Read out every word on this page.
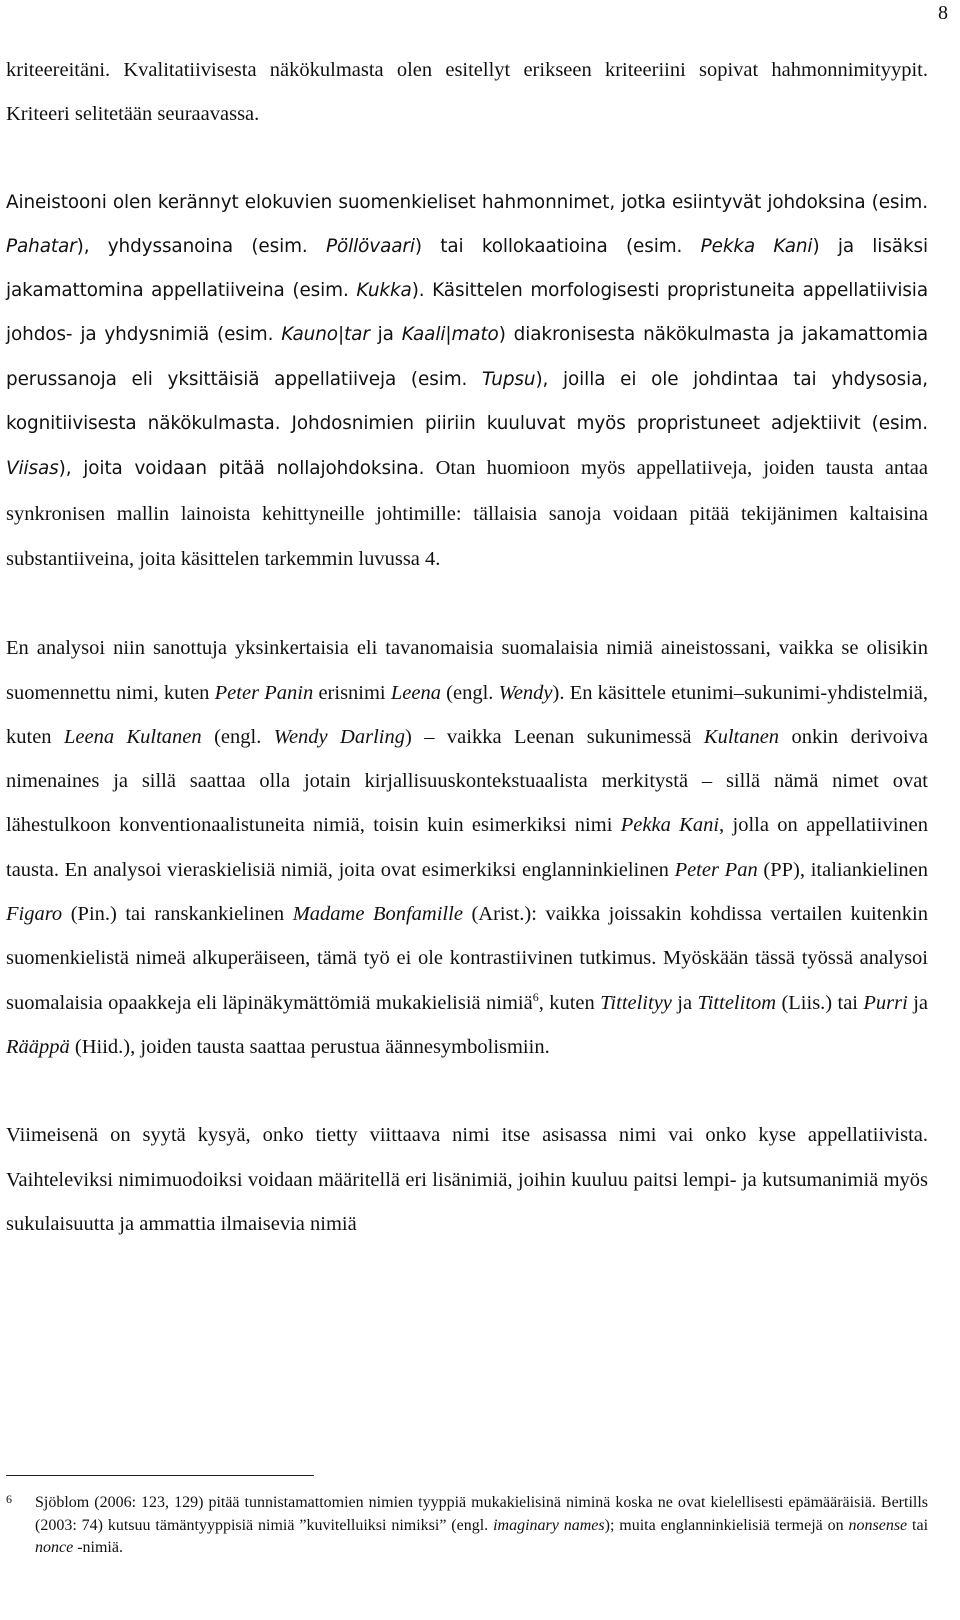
8

kriteereitäni. Kvalitatiivisesta näkökulmasta olen esitellyt erikseen kriteeriini sopivat hahmonnimityypit. Kriteeri selitetään seuraavassa.

Aineistooni olen kerännyt elokuvien suomenkieliset hahmonnimet, jotka esiintyvät johdoksina (esim. Pahatar), yhdyssanoina (esim. Pöllövaari) tai kollokaatioina (esim. Pekka Kani) ja lisäksi jakamattomina appellatiiveina (esim. Kukka). Käsittelen morfologisesti propristuneita appellatiivisia johdos- ja yhdysnimiä (esim. Kauno|tar ja Kaali|mato) diakronisesta näkökulmasta ja jakamattomia perussanoja eli yksittäisiä appellatiiveja (esim. Tupsu), joilla ei ole johdintaa tai yhdysosia, kognitiivisesta näkökulmasta. Johdosnimien piiriin kuuluvat myös propristuneet adjektiivit (esim. Viisas), joita voidaan pitää nollajohdoksina. Otan huomioon myös appellatiiveja, joiden tausta antaa synkronisen mallin lainoista kehittyneille johtimille: tällaisia sanoja voidaan pitää tekijänimen kaltaisina substantiiveina, joita käsittelen tarkemmin luvussa 4.

En analysoi niin sanottuja yksinkertaisia eli tavanomaisia suomalaisia nimiä aineistossani, vaikka se olisikin suomennettu nimi, kuten Peter Panin erisnimi Leena (engl. Wendy). En käsittele etunimi–sukunimi-yhdistelmiä, kuten Leena Kultanen (engl. Wendy Darling) – vaikka Leenan sukunimessä Kultanen onkin derivoiva nimenaines ja sillä saattaa olla jotain kirjallisuuskontekstuaalista merkitystä – sillä nämä nimet ovat lähestulkoon konventionaalistuneita nimiä, toisin kuin esimerkiksi nimi Pekka Kani, jolla on appellatiivinen tausta. En analysoi vieraskielisiä nimiä, joita ovat esimerkiksi englanninkielinen Peter Pan (PP), italiankielinen Figaro (Pin.) tai ranskankielinen Madame Bonfamille (Arist.): vaikka joissakin kohdissa vertailen kuitenkin suomenkielistä nimeä alkuperäiseen, tämä työ ei ole kontrastiivinen tutkimus. Myöskään tässä työssä analysoi suomalaisia opaakkeja eli läpinäkymättömiä mukakielisiä nimiä$^6$, kuten Tittelityy ja Tittelitom (Liis.) tai Purri ja Rääppä (Hiid.), joiden tausta saattaa perustua äännesymbolismiin.

Viimeisenä on syytä kysyä, onko tietty viittaava nimi itse asisassa nimi vai onko kyse appellatiivista. Vaihteleviksi nimimuodoiksi voidaan määritellä eri lisänimiä, joihin kuuluu paitsi lempi- ja kutsumanimiä myös sukulaisuutta ja ammattia ilmaisevia nimiä

6 Sjöblom (2006: 123, 129) pitää tunnistamattomien nimien tyyppiä mukakielisinä niminä koska ne ovat kielellisesti epämääräisiä. Bertills (2003: 74) kutsuu tämäntyyppisiä nimiä ”kuvitelluiksi nimiksi” (engl. imaginary names); muita englanninkielisiä termejä on nonsense tai nonce -nimiä.
